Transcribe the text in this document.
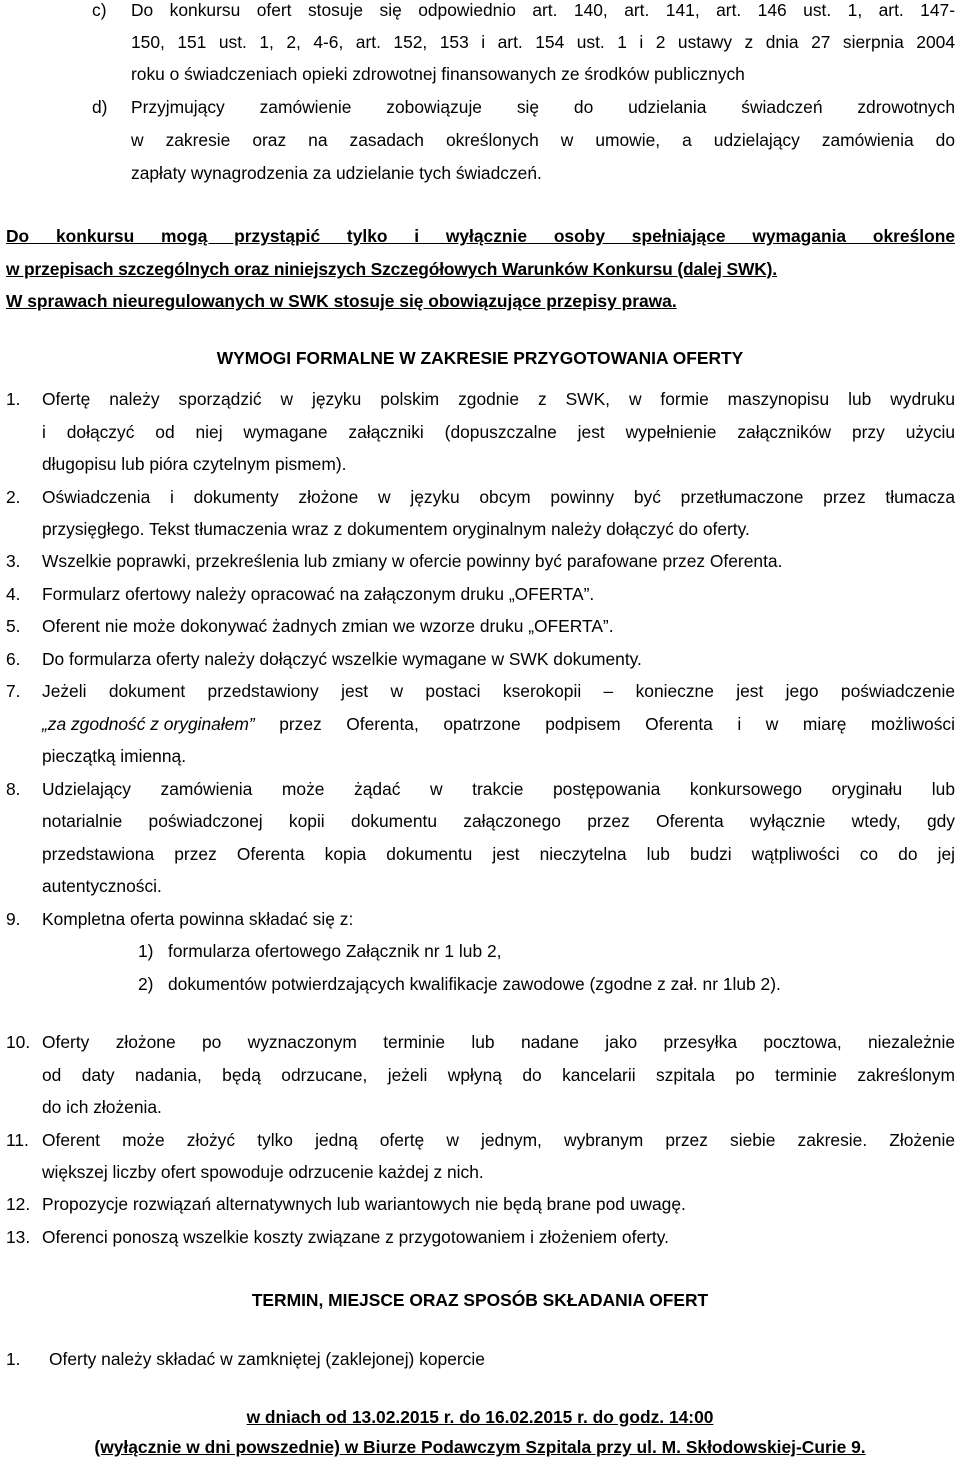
c) Do konkursu ofert stosuje się odpowiednio art. 140, art. 141, art. 146 ust. 1, art. 147-
150, 151 ust. 1, 2, 4-6, art. 152, 153 i art. 154 ust. 1 i 2 ustawy z dnia 27 sierpnia 2004
roku o świadczeniach opieki zdrowotnej finansowanych ze środków publicznych
d) Przyjmujący zamówienie zobowiązuje się do udzielania świadczeń zdrowotnych
w zakresie oraz na zasadach określonych w umowie, a udzielający zamówienia do
zapłaty wynagrodzenia za udzielanie tych świadczeń.
Do konkursu mogą przystąpić tylko i wyłącznie osoby spełniające wymagania określone
w przepisach szczególnych oraz niniejszych Szczegółowych Warunków Konkursu (dalej SWK).
W sprawach nieuregulowanych w SWK stosuje się obowiązujące przepisy prawa.
WYMOGI FORMALNE W ZAKRESIE PRZYGOTOWANIA OFERTY
1. Ofertę należy sporządzić w języku polskim zgodnie z SWK, w formie maszynopisu lub wydruku
i dołączyć od niej wymagane załączniki (dopuszczalne jest wypełnienie załączników przy użyciu
długopisu lub pióra czytelnym pismem).
2. Oświadczenia i dokumenty złożone w języku obcym powinny być przetłumaczone przez tłumacza
przysięgłego. Tekst tłumaczenia wraz z dokumentem oryginalnym należy dołączyć do oferty.
3. Wszelkie poprawki, przekreślenia lub zmiany w ofercie powinny być parafowane przez Oferenta.
4. Formularz ofertowy należy opracować na załączonym druku „OFERTA”.
5. Oferent nie może dokonywać żadnych zmian we wzorze druku „OFERTA”.
6. Do formularza oferty należy dołączyć wszelkie wymagane w SWK dokumenty.
7. Jeżeli dokument przedstawiony jest w postaci kserokopii – konieczne jest jego poświadczenie
„za zgodność z oryginałem” przez Oferenta, opatrzone podpisem Oferenta i w miarę możliwości
pieczątką imienną.
8. Udzielający zamówienia może żądać w trakcie postępowania konkursowego oryginału lub
notarialnie poświadczonej kopii dokumentu załączonego przez Oferenta wyłącznie wtedy, gdy
przedstawiona przez Oferenta kopia dokumentu jest nieczytelna lub budzi wątpliwości co do jej
autentyczności.
9. Kompletna oferta powinna składać się z:
1) formularza ofertowego Załącznik nr 1 lub 2,
2) dokumentów potwierdzających kwalifikacje zawodowe (zgodne z zał. nr 1lub 2).
10. Oferty złożone po wyznaczonym terminie lub nadane jako przesyłka pocztowa, niezależnie
od daty nadania, będą odrzucane, jeżeli wpłyną do kancelarii szpitala po terminie zakreślonym
do ich złożenia.
11. Oferent może złożyć tylko jedną ofertę w jednym, wybranym przez siebie zakresie. Złożenie
większej liczby ofert spowoduje odrzucenie każdej z nich.
12. Propozycje rozwiązań alternatywnych lub wariantowych nie będą brane pod uwagę.
13. Oferenci ponoszą wszelkie koszty związane z przygotowaniem i złożeniem oferty.
TERMIN, MIEJSCE ORAZ SPOSÓB SKŁADANIA OFERT
1. Oferty należy składać w zamkniętej (zaklejonej) kopercie
w dniach od 13.02.2015 r. do 16.02.2015 r. do godz. 14:00
(wyłącznie w dni powszednie) w Biurze Podawczym Szpitala przy ul. M. Skłodowskiej-Curie 9.
